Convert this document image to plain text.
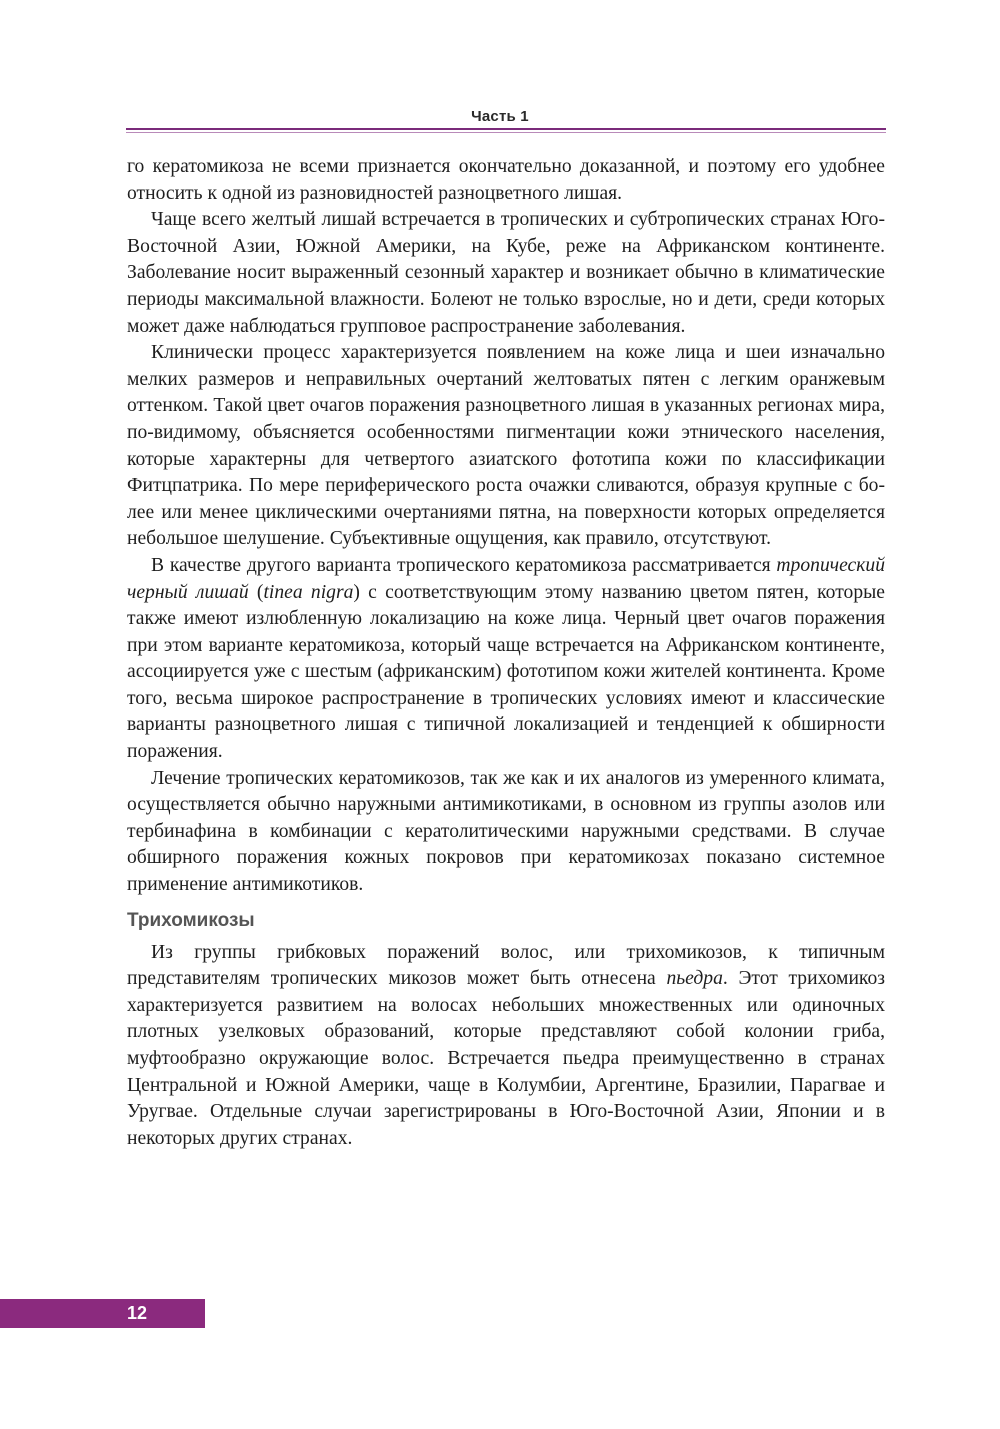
Часть 1

го кератомикоза не всеми признается окончательно доказанной, и поэтому его удобнее относить к одной из разновидностей разноцветного лишая.

Чаще всего желтый лишай встречается в тропических и субтропических странах Юго-Восточной Азии, Южной Америки, на Кубе, реже на Африканском континенте. Заболевание носит выраженный сезонный характер и возникает обычно в климатические периоды максимальной влажности. Болеют не только взрослые, но и дети, среди которых может даже наблюдаться групповое распространение заболевания.

Клинически процесс характеризуется появлением на коже лица и шеи изначально мелких размеров и неправильных очертаний желтоватых пятен с легким оранжевым оттенком. Такой цвет очагов поражения разноцветного лишая в указанных регионах мира, по-видимому, объясняется особенностями пигментации кожи этнического населения, которые характерны для четвертого азиатского фототипа кожи по классификации Фитцпатрика. По мере периферического роста очажки сливаются, образуя крупные с более или менее циклическими очертаниями пятна, на поверхности которых определяется небольшое шелушение. Субъективные ощущения, как правило, отсутствуют.

В качестве другого варианта тропического кератомикоза рассматривается тропический черный лишай (tinea nigra) с соответствующим этому названию цветом пятен, которые также имеют излюбленную локализацию на коже лица. Черный цвет очагов поражения при этом варианте кератомикоза, который чаще встречается на Африканском континенте, ассоциируется уже с шестым (африканским) фототипом кожи жителей континента. Кроме того, весьма широкое распространение в тропических условиях имеют и классические варианты разноцветного лишая с типичной локализацией и тенденцией к обширности поражения.

Лечение тропических кератомикозов, так же как и их аналогов из умеренного климата, осуществляется обычно наружными антимикотиками, в основном из группы азолов или тербинафина в комбинации с кератолитическими наружными средствами. В случае обширного поражения кожных покровов при кератомикозах показано системное применение антимикотиков.

Трихомикозы

Из группы грибковых поражений волос, или трихомикозов, к типичным представителям тропических микозов может быть отнесена пьедра. Этот трихомикоз характеризуется развитием на волосах небольших множественных или одиночных плотных узелковых образований, которые представляют собой колонии гриба, муфтообразно окружающие волос. Встречается пьедра преимущественно в странах Центральной и Южной Америки, чаще в Колумбии, Аргентине, Бразилии, Парагвае и Уругвае. Отдельные случаи зарегистрированы в Юго-Восточной Азии, Японии и в некоторых других странах.

12
